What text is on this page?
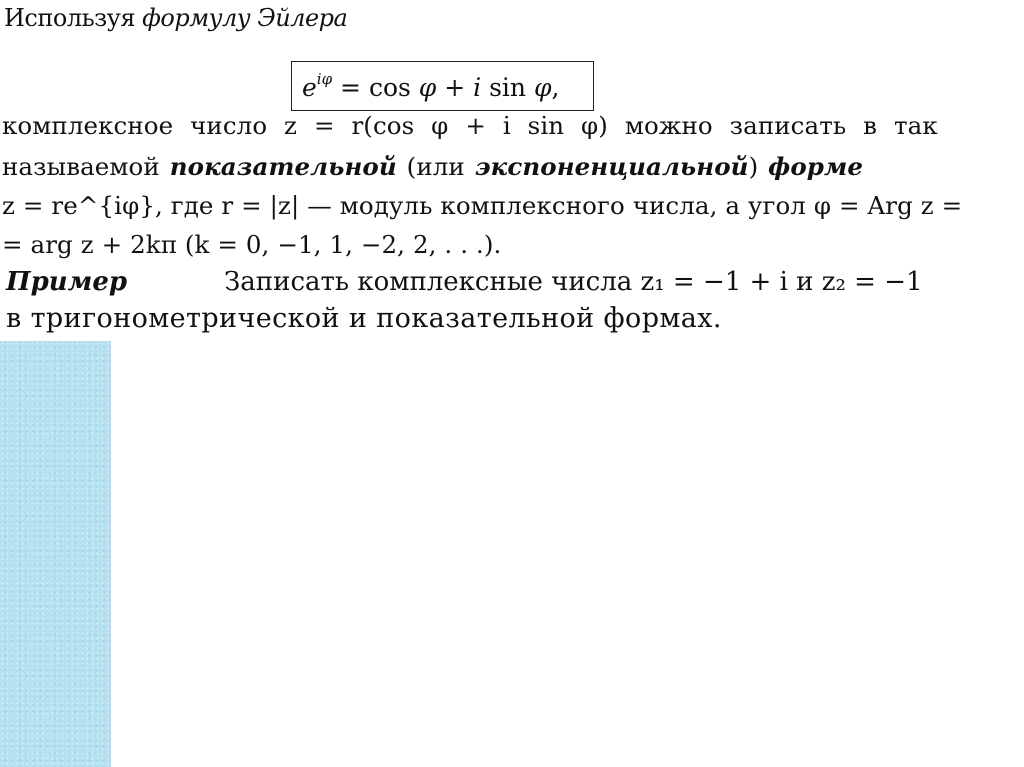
Используя формулу Эйлера
$e^{i\varphi} = \cos \varphi + i$ sin φ,
комплексное число z = r(cos φ + i sin φ) можно записать в так
называемой показательной (или экспоненциальной) форме
z = re^{iφ}, где r = |z| — модуль комплексного числа, а угол φ = Arg z =
= arg z + 2kπ (k = 0, −1, 1, −2, 2, . . .).
Пример	Записать комплексные числа z₁ = −1 + i и z₂ = −1
в тригонометрической и показательной формах.
